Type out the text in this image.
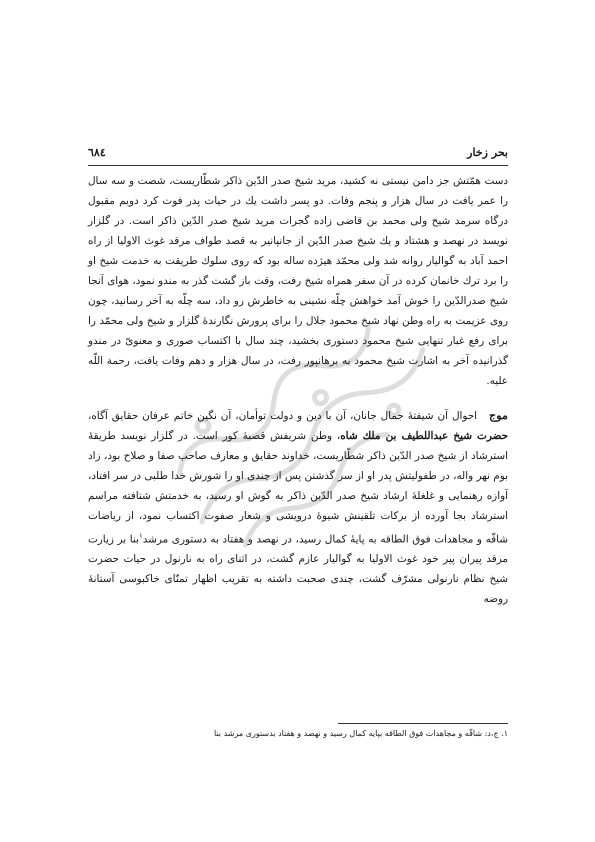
بحر زخار
٦٨٤

دست همّتش جز دامن نیستی نه کشید، مرید شیخ صدر الدّین ذاکر شطّاریست، شصت و سه سال را عمر یافت در سال هزار و پنجم وفات. دو پسر داشت یك در حیات پدر فوت کرد دویم مقبول درگاه سرمد شیخ ولی محمد بن قاضی زاده گجرات مرید شیخ صدر الدّین ذاکر است. در گلزار نویسد در نهصد و هشتاد و یك شیخ صدر الدّین از جانپانیر به قصد طواف مرقد غوث الاولیا از راه احمد آباد به گوالیار روانه شد ولی محمّد هیژده ساله بود که روی سلوك طریقت به خدمت شیخ او را برد ترك خانمان کرده در آن سفر همراه شیخ رفت، وقت باز گشت گذر به مندو نمود، هوای آنجا شیخ صدرالدّین را خوش آمد خواهش چلّه نشینی به خاطرش رو داد، سه چلّه به آخر رسانید، چون روی عزیمت به راه وطن نهاد شیخ محمود جلال را برای پرورش نگارندهٔ گلزار و شیخ ولی محمّد را برای رفع غبار تنهایی شیخ محمود دستوری بخشید، چند سال با اکتساب صوری و معنویّ در مندو گذرانیده آخر به اشارت شیخ محمود به برهانپور رفت، در سال هزار و دهم وفات یافت، رحمة اللّه علیه.

موج   احوال آن شیفتهٔ جمال جانان، آن با دین و دولت توأمان، آن نگین خاتم عرفان حقایق آگاه، حضرت شیخ عبداللطیف بن ملك شاه، وطن شریفش قصبهٔ کور است. در گلزار نویسد طریقهٔ استرشاد از شیخ صدر الدّین ذاکر شطّاریست، خداوند حقایق و معارف صاحب صفا و صلاح بود، زاد بوم نهر واله، در طفولیتش پدر او از سر گذشتن پس از چندی او را شورش خدا طلبی در سر افتاد، آوازه رهنمایی و غلغلهٔ ارشاد شیخ صدر الدّین ذاکر به گوش او رسید، به خدمتش شتافته مراسم استرشاد بجا آورده از برکات تلقینش شیوهٔ درویشی و شعار صفوت اکتساب نمود، از ریاضات شاقّه و مجاهدات فوق الطاقه به پایهٔ کمال رسید، در نهصد و هفتاد به دستوری مرشد$^١$بنا بر زیارت مرقد پیران پیر خود غوث الاولیا به گوالیار عازم گشت، در اثنای راه به نارنول در حیات حضرت شیخ نظام نارنولی مشرّف گشت، چندی صحبت داشته به تقریب اظهار تمنّای خاکبوسی آستانهٔ روضه

١. ج،د: شاقّه و مجاهدات فوق الطاقه بپایه کمال رسید و نهصد و هفتاد بدستوری مرشد بنا
